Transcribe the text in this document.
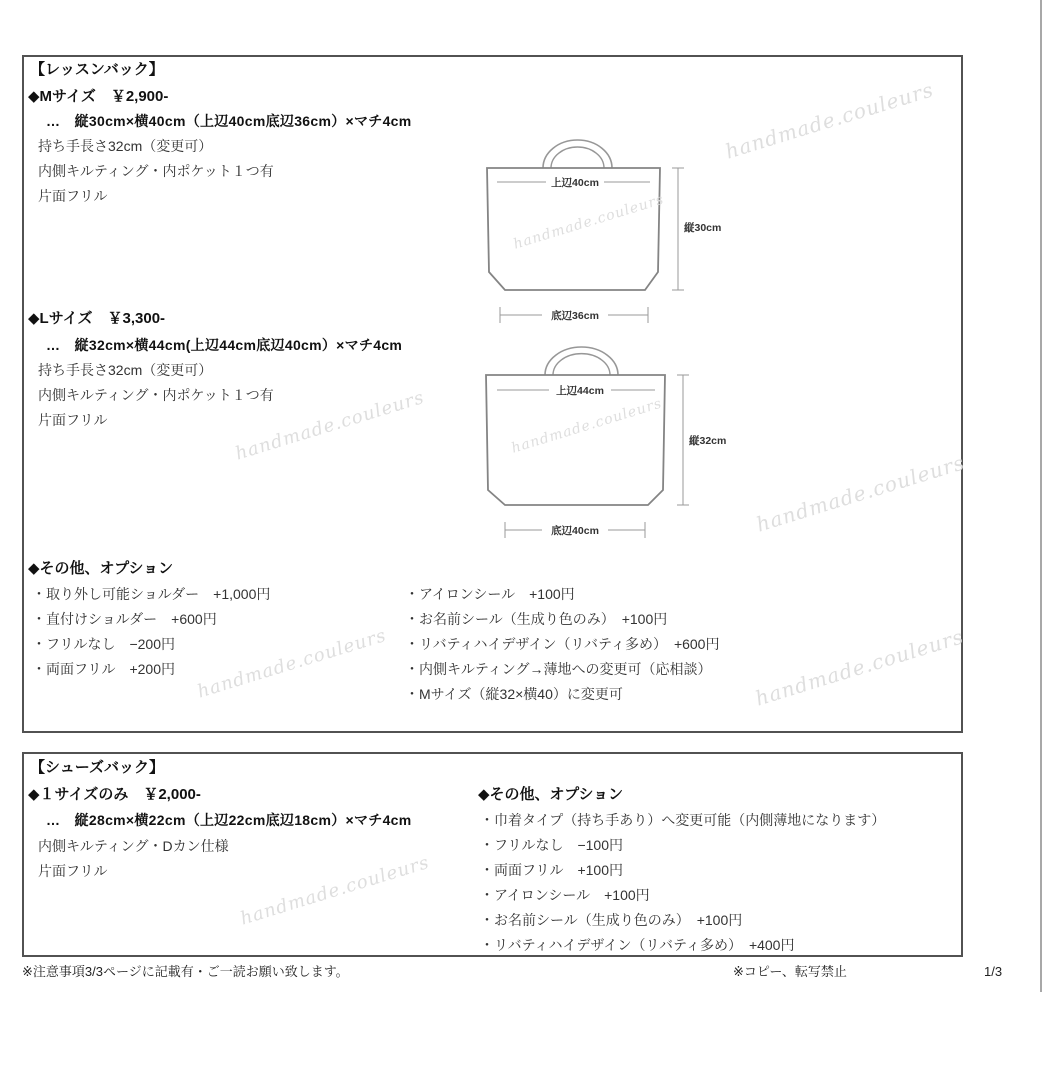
【レッスンバック】
◆Mサイズ　￥2,900-
…　縦30cm×横40cm（上辺40cm底辺36cm）×マチ4cm
持ち手長さ32cm（変更可）
内側キルティング・内ポケット１つ有
片面フリル
上辺40cm
縦30cm
底辺36cm
◆Lサイズ　￥3,300-
…　縦32cm×横44cm(上辺44cm底辺40cm）×マチ4cm
持ち手長さ32cm（変更可）
内側キルティング・内ポケット１つ有
片面フリル
上辺44cm
縦32cm
底辺40cm
◆その他、オプション
・取り外し可能ショルダー　+1,000円
・直付けショルダー　+600円
・フリルなし　−200円
・両面フリル　+200円
・アイロンシール　+100円
・お名前シール（生成り色のみ）　+100円
・リバティハイデザイン（リバティ多め）　+600円
・内側キルティング→薄地への変更可（応相談）
・Mサイズ（縦32×横40）に変更可
【シューズバック】
◆１サイズのみ　￥2,000-
…　縦28cm×横22cm（上辺22cm底辺18cm）×マチ4cm
内側キルティング・Dカン仕様
片面フリル
◆その他、オプション
・巾着タイプ（持ち手あり）へ変更可能（内側薄地になります）
・フリルなし　−100円
・両面フリル　+100円
・アイロンシール　+100円
・お名前シール（生成り色のみ）　+100円
・リバティハイデザイン（リバティ多め）　+400円
※注意事項3/3ページに記載有・ご一読お願い致します。	※コピー、転写禁止	1/3
handmade.couleurs
handmade.couleurs
handmade.couleurs	handmade.couleurs
handmade.couleurs
handmade.couleurs	handmade.couleurs
handmade.couleurs
